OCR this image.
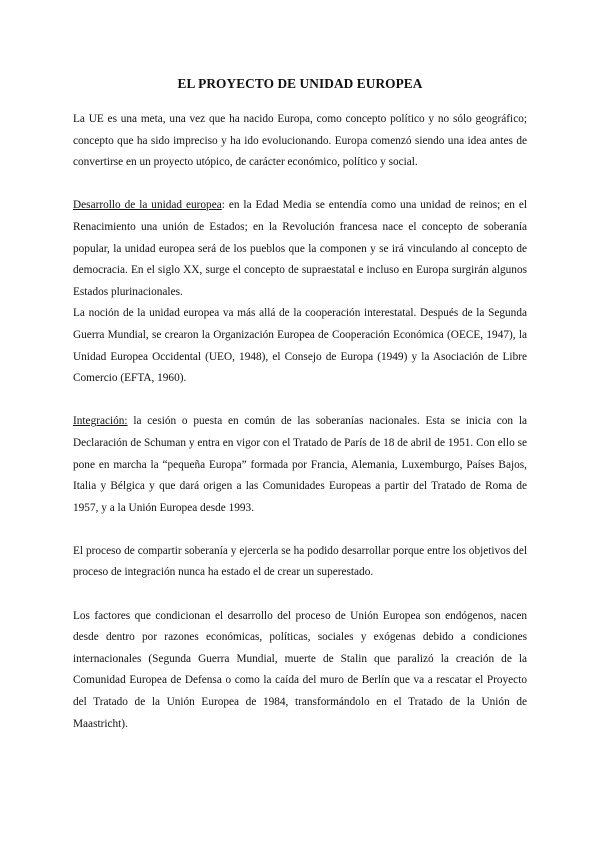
EL PROYECTO DE UNIDAD EUROPEA

La UE es una meta, una vez que ha nacido Europa, como concepto político y no sólo geográfico; concepto que ha sido impreciso y ha ido evolucionando. Europa comenzó siendo una idea antes de convertirse en un proyecto utópico, de carácter económico, político y social.

Desarrollo de la unidad europea: en la Edad Media se entendía como una unidad de reinos; en el Renacimiento una unión de Estados; en la Revolución francesa nace el concepto de soberanía popular, la unidad europea será de los pueblos que la componen y se irá vinculando al concepto de democracia. En el siglo XX, surge el concepto de supraestatal e incluso en Europa surgirán algunos Estados plurinacionales.

La noción de la unidad europea va más allá de la cooperación interestatal. Después de la Segunda Guerra Mundial, se crearon la Organización Europea de Cooperación Económica (OECE, 1947), la Unidad Europea Occidental (UEO, 1948), el Consejo de Europa (1949) y la Asociación de Libre Comercio (EFTA, 1960).

Integración: la cesión o puesta en común de las soberanías nacionales. Esta se inicia con la Declaración de Schuman y entra en vigor con el Tratado de París de 18 de abril de 1951. Con ello se pone en marcha la “pequeña Europa” formada por Francia, Alemania, Luxemburgo, Países Bajos, Italia y Bélgica y que dará origen a las Comunidades Europeas a partir del Tratado de Roma de 1957, y a la Unión Europea desde 1993.

El proceso de compartir soberanía y ejercerla se ha podido desarrollar porque entre los objetivos del proceso de integración nunca ha estado el de crear un superestado.

Los factores que condicionan el desarrollo del proceso de Unión Europea son endógenos, nacen desde dentro por razones económicas, políticas, sociales y exógenas debido a condiciones internacionales (Segunda Guerra Mundial, muerte de Stalin que paralizó la creación de la Comunidad Europea de Defensa o como la caída del muro de Berlín que va a rescatar el Proyecto del Tratado de la Unión Europea de 1984, transformándolo en el Tratado de la Unión de Maastricht).
